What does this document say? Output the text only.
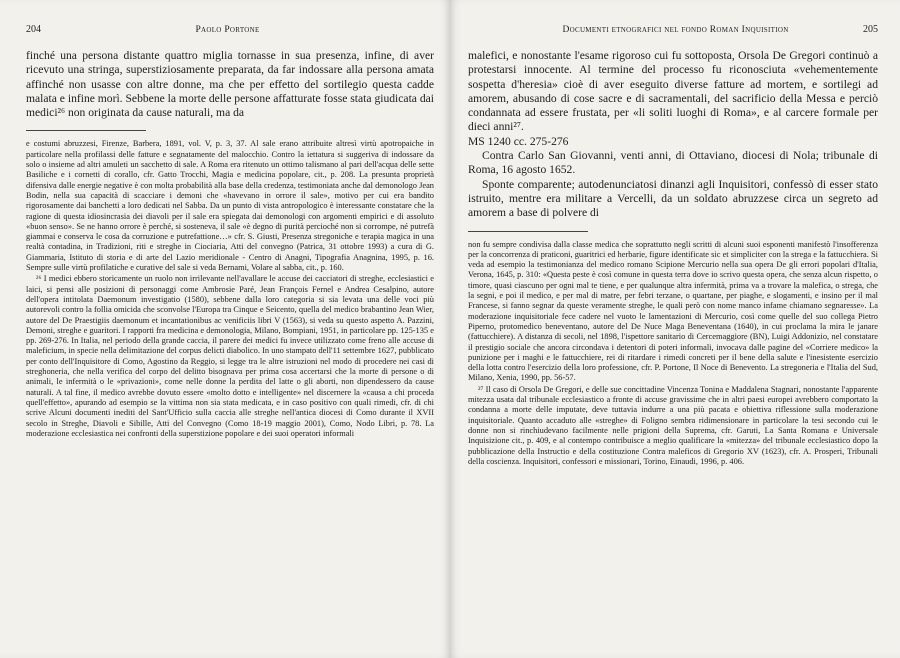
204	Paolo Portone

finché una persona distante quattro miglia tornasse in sua presenza, infine, di aver ricevuto una stringa, superstiziosamente preparata, da far indossare alla persona amata affinché non usasse con altre donne, ma che per effetto del sortilegio questa cadde malata e infine morì. Sebbene la morte delle persone affatturate fosse stata giudicata dai medici²⁶ non originata da cause naturali, ma da

e costumi abruzzesi, Firenze, Barbera, 1891, vol. V, p. 3, 37. Al sale erano attribuite altresì virtù apotropaiche in particolare nella profilassi delle fatture e segnatamente del malocchio. Contro la iettatura si suggeriva di indossare da solo o insieme ad altri amuleti un sacchetto di sale. A Roma era ritenuto un ottimo talismano al pari dell'acqua delle sette Basiliche e i cornetti di corallo, cfr. Gatto Trocchi, Magia e medicina popolare, cit., p. 208. La presunta proprietà difensiva dalle energie negative è con molta probabilità alla base della credenza, testimoniata anche dal demonologo Jean Bodin, nella sua capacità di scacciare i demoni che «havevano in orrore il sale», motivo per cui era bandito rigorosamente dai banchetti a loro dedicati nel Sabba. Da un punto di vista antropologico è interessante constatare che la ragione di questa idiosincrasia dei diavoli per il sale era spiegata dai demonologi con argomenti empirici e di assoluto «buon senso». Se ne hanno orrore è perché, si sosteneva, il sale «è degno di purità percioché non si corrompe, né putrefà giammai e conserva le cosa da corruzione e putrefattione…» cfr. S. Giusti, Presenza stregoniche e terapia magica in una realtà contadina, in Tradizioni, riti e streghe in Ciociaria, Atti del convegno (Patrica, 31 ottobre 1993) a cura di G. Giammaria, Istituto di storia e di arte del Lazio meridionale - Centro di Anagni, Tipografia Anagnina, 1995, p. 16. Sempre sulle virtù profilatiche e curative del sale si veda Bernami, Volare al sabba, cit., p. 160.

²⁶ I medici ebbero storicamente un ruolo non irrilevante nell'avallare le accuse dei cacciatori di streghe, ecclesiastici e laici, si pensi alle posizioni di personaggi come Ambrosie Paré, Jean François Fernel e Andrea Cesalpino, autore dell'opera intitolata Daemonum investigatio (1580), sebbene dalla loro categoria si sia levata una delle voci più autorevoli contro la follia omicida che sconvolse l'Europa tra Cinque e Seicento, quella del medico brabantino Jean Wier, autore del De Praestigiis daemonum et incantationibus ac venificiis libri V (1563), si veda su questo aspetto A. Pazzini, Demoni, streghe e guaritori. I rapporti fra medicina e demonologia, Milano, Bompiani, 1951, in particolare pp. 125-135 e pp. 269-276. In Italia, nel periodo della grande caccia, il parere dei medici fu invece utilizzato come freno alle accuse di maleficium, in specie nella delimitazione del corpus delicti diabolico. In uno stampato dell'11 settembre 1627, pubblicato per conto dell'Inquisitore di Como, Agostino da Reggio, si legge tra le altre istruzioni nel modo di procedere nei casi di streghoneria, che nella verifica del corpo del delitto bisognava per prima cosa accertarsi che la morte di persone o di animali, le infermità o le «privazioni», come nelle donne la perdita del latte o gli aborti, non dipendessero da cause naturali. A tal fine, il medico avrebbe dovuto essere «molto dotto e intelligente» nel discernere la «causa a chi proceda quell'effetto», apurando ad esempio se la vittima non sia stata medicata, e in caso positivo con quali rimedi, cfr. di chi scrive Alcuni documenti inediti del Sant'Ufficio sulla caccia alle streghe nell'antica diocesi di Como durante il XVII secolo in Streghe, Diavoli e Sibille, Atti del Convegno (Como 18-19 maggio 2001), Como, Nodo Libri, p. 78. La moderazione ecclesiastica nei confronti della superstizione popolare e dei suoi operatori informali

Documenti etnografici nel fondo Roman Inquisition	205

malefici, e nonostante l'esame rigoroso cui fu sottoposta, Orsola De Gregori continuò a protestarsi innocente. Al termine del processo fu riconosciuta «vehementemente sospetta d'heresia» cioè di aver eseguito diverse fatture ad mortem, e sortilegi ad amorem, abusando di cose sacre e di sacramentali, del sacrificio della Messa e perciò condannata ad essere frustata, per «li soliti luoghi di Roma», e al carcere formale per dieci anni²⁷.

MS 1240 cc. 275-276

Contra Carlo San Giovanni, venti anni, di Ottaviano, diocesi di Nola; tribunale di Roma, 16 agosto 1652.

Sponte comparente; autodenunciatosi dinanzi agli Inquisitori, confessò di esser stato istruito, mentre era militare a Vercelli, da un soldato abruzzese circa un segreto ad amorem a base di polvere di

non fu sempre condivisa dalla classe medica che soprattutto negli scritti di alcuni suoi esponenti manifestò l'insofferenza per la concorrenza di praticoni, guaritrici ed herbarie, figure identificate sic et simpliciter con la strega e la fattucchiera. Si veda ad esempio la testimonianza del medico romano Scipione Mercurio nella sua opera De gli errori popolari d'Italia, Verona, 1645, p. 310: «Questa peste è così comune in questa terra dove io scrivo questa opera, che senza alcun rispetto, o timore, quasi ciascuno per ogni mal te tiene, e per qualunque altra infermità, prima va a trovare la malefica, o strega, che la segni, e poi il medico, e per mal di matre, per febri terzane, o quartane, per piaghe, e slogamenti, e insino per il mal Francese, si fanno segnar da queste veramente streghe, le quali però con nome manco infame chiamano segnaresse». La moderazione inquisitoriale fece cadere nel vuoto le lamentazioni di Mercurio, così come quelle del suo collega Pietro Piperno, protomedico beneventano, autore del De Nuce Maga Beneventana (1640), in cui proclama la mira le janare (fattucchiere). A distanza di secoli, nel 1898, l'ispettore sanitario di Cercemaggiore (BN), Luigi Addonizio, nel constatare il prestigio sociale che ancora circondava i detentori di poteri informali, invocava dalle pagine del «Corriere medico» la punizione per i maghi e le fattucchiere, rei di ritardare i rimedi concreti per il bene della salute e l'inesistente esercizio della lotta contro l'esercizio della loro professione, cfr. P. Portone, Il Noce di Benevento. La stregoneria e l'Italia del Sud, Milano, Xenia, 1990, pp. 56-57.

²⁷ Il caso di Orsola De Gregori, e delle sue concittadine Vincenza Tonina e Maddalena Stagnari, nonostante l'apparente mitezza usata dal tribunale ecclesiastico a fronte di accuse gravissime che in altri paesi europei avrebbero comportato la condanna a morte delle imputate, deve tuttavia indurre a una più pacata e obiettiva riflessione sulla moderazione inquisitoriale. Quanto accaduto alle «streghe» di Foligno sembra ridimensionare in particolare la tesi secondo cui le donne non si rinchiudevano facilmente nelle prigioni della Suprema, cfr. Garuti, La Santa Romana e Universale Inquisizione cit., p. 409, e al contempo contribuisce a meglio qualificare la «mitezza» del tribunale ecclesiastico dopo la pubblicazione della Instructio e della costituzione Contra maleficos di Gregorio XV (1623), cfr. A. Prosperi, Tribunali della coscienza. Inquisitori, confessori e missionari, Torino, Einaudi, 1996, p. 406.
